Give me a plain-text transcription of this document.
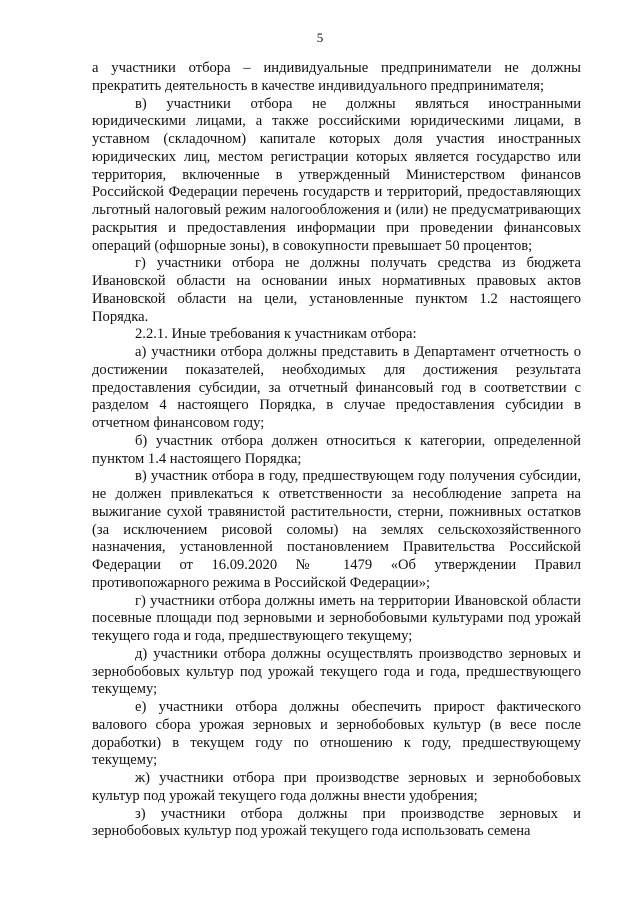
5

а участники отбора – индивидуальные предприниматели не должны прекратить деятельность в качестве индивидуального предпринимателя;

в) участники отбора не должны являться иностранными юридическими лицами, а также российскими юридическими лицами, в уставном (складочном) капитале которых доля участия иностранных юридических лиц, местом регистрации которых является государство или территория, включенные в утвержденный Министерством финансов Российской Федерации перечень государств и территорий, предоставляющих льготный налоговый режим налогообложения и (или) не предусматривающих раскрытия и предоставления информации при проведении финансовых операций (офшорные зоны), в совокупности превышает 50 процентов;

г) участники отбора не должны получать средства из бюджета Ивановской области на основании иных нормативных правовых актов Ивановской области на цели, установленные пунктом 1.2 настоящего Порядка.

2.2.1. Иные требования к участникам отбора:

а) участники отбора должны представить в Департамент отчетность о достижении показателей, необходимых для достижения результата предоставления субсидии, за отчетный финансовый год в соответствии с разделом 4 настоящего Порядка, в случае предоставления субсидии в отчетном финансовом году;

б) участник отбора должен относиться к категории, определенной пунктом 1.4 настоящего Порядка;

в) участник отбора в году, предшествующем году получения субсидии, не должен привлекаться к ответственности за несоблюдение запрета на выжигание сухой травянистой растительности, стерни, пожнивных остатков (за исключением рисовой соломы) на землях сельскохозяйственного назначения, установленной постановлением Правительства Российской Федерации от 16.09.2020 № 1479 «Об утверждении Правил противопожарного режима в Российской Федерации»;

г) участники отбора должны иметь на территории Ивановской области посевные площади под зерновыми и зернобобовыми культурами под урожай текущего года и года, предшествующего текущему;

д) участники отбора должны осуществлять производство зерновых и зернобобовых культур под урожай текущего года и года, предшествующего текущему;

е) участники отбора должны обеспечить прирост фактического валового сбора урожая зерновых и зернобобовых культур (в весе после доработки) в текущем году по отношению к году, предшествующему текущему;

ж) участники отбора при производстве зерновых и зернобобовых культур под урожай текущего года должны внести удобрения;

з) участники отбора должны при производстве зерновых и зернобобовых культур под урожай текущего года использовать семена
